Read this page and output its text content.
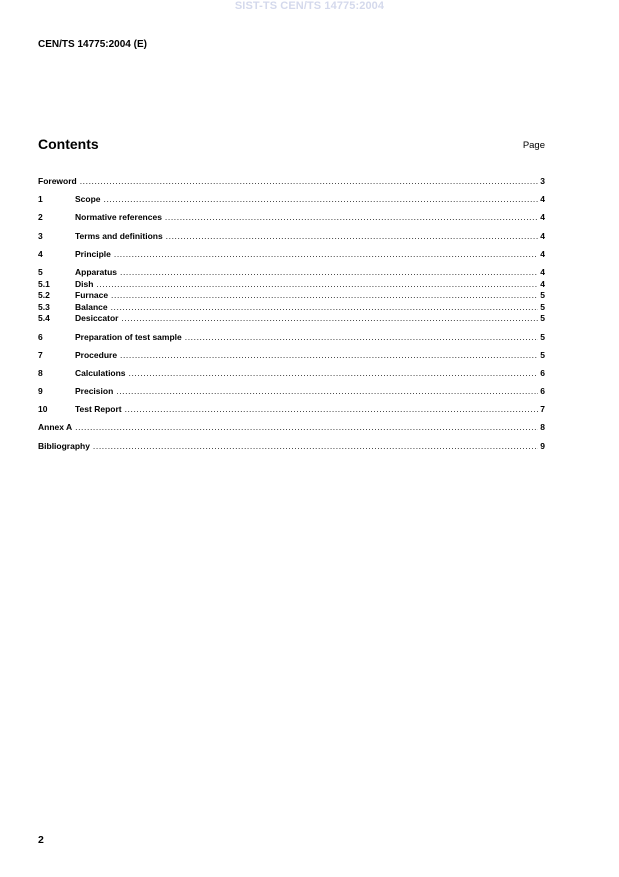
SIST-TS CEN/TS 14775:2004
CEN/TS 14775:2004 (E)
Contents	Page
Foreword .....	3
1	Scope .....	4
2	Normative references .....	4
3	Terms and definitions .....	4
4	Principle .....	4
5	Apparatus .....	4
5.1	Dish .....	4
5.2	Furnace .....	5
5.3	Balance .....	5
5.4	Desiccator .....	5
6	Preparation of test sample .....	5
7	Procedure .....	5
8	Calculations .....	6
9	Precision .....	6
10	Test Report .....	7
Annex A .....	8
Bibliography .....	9
2
